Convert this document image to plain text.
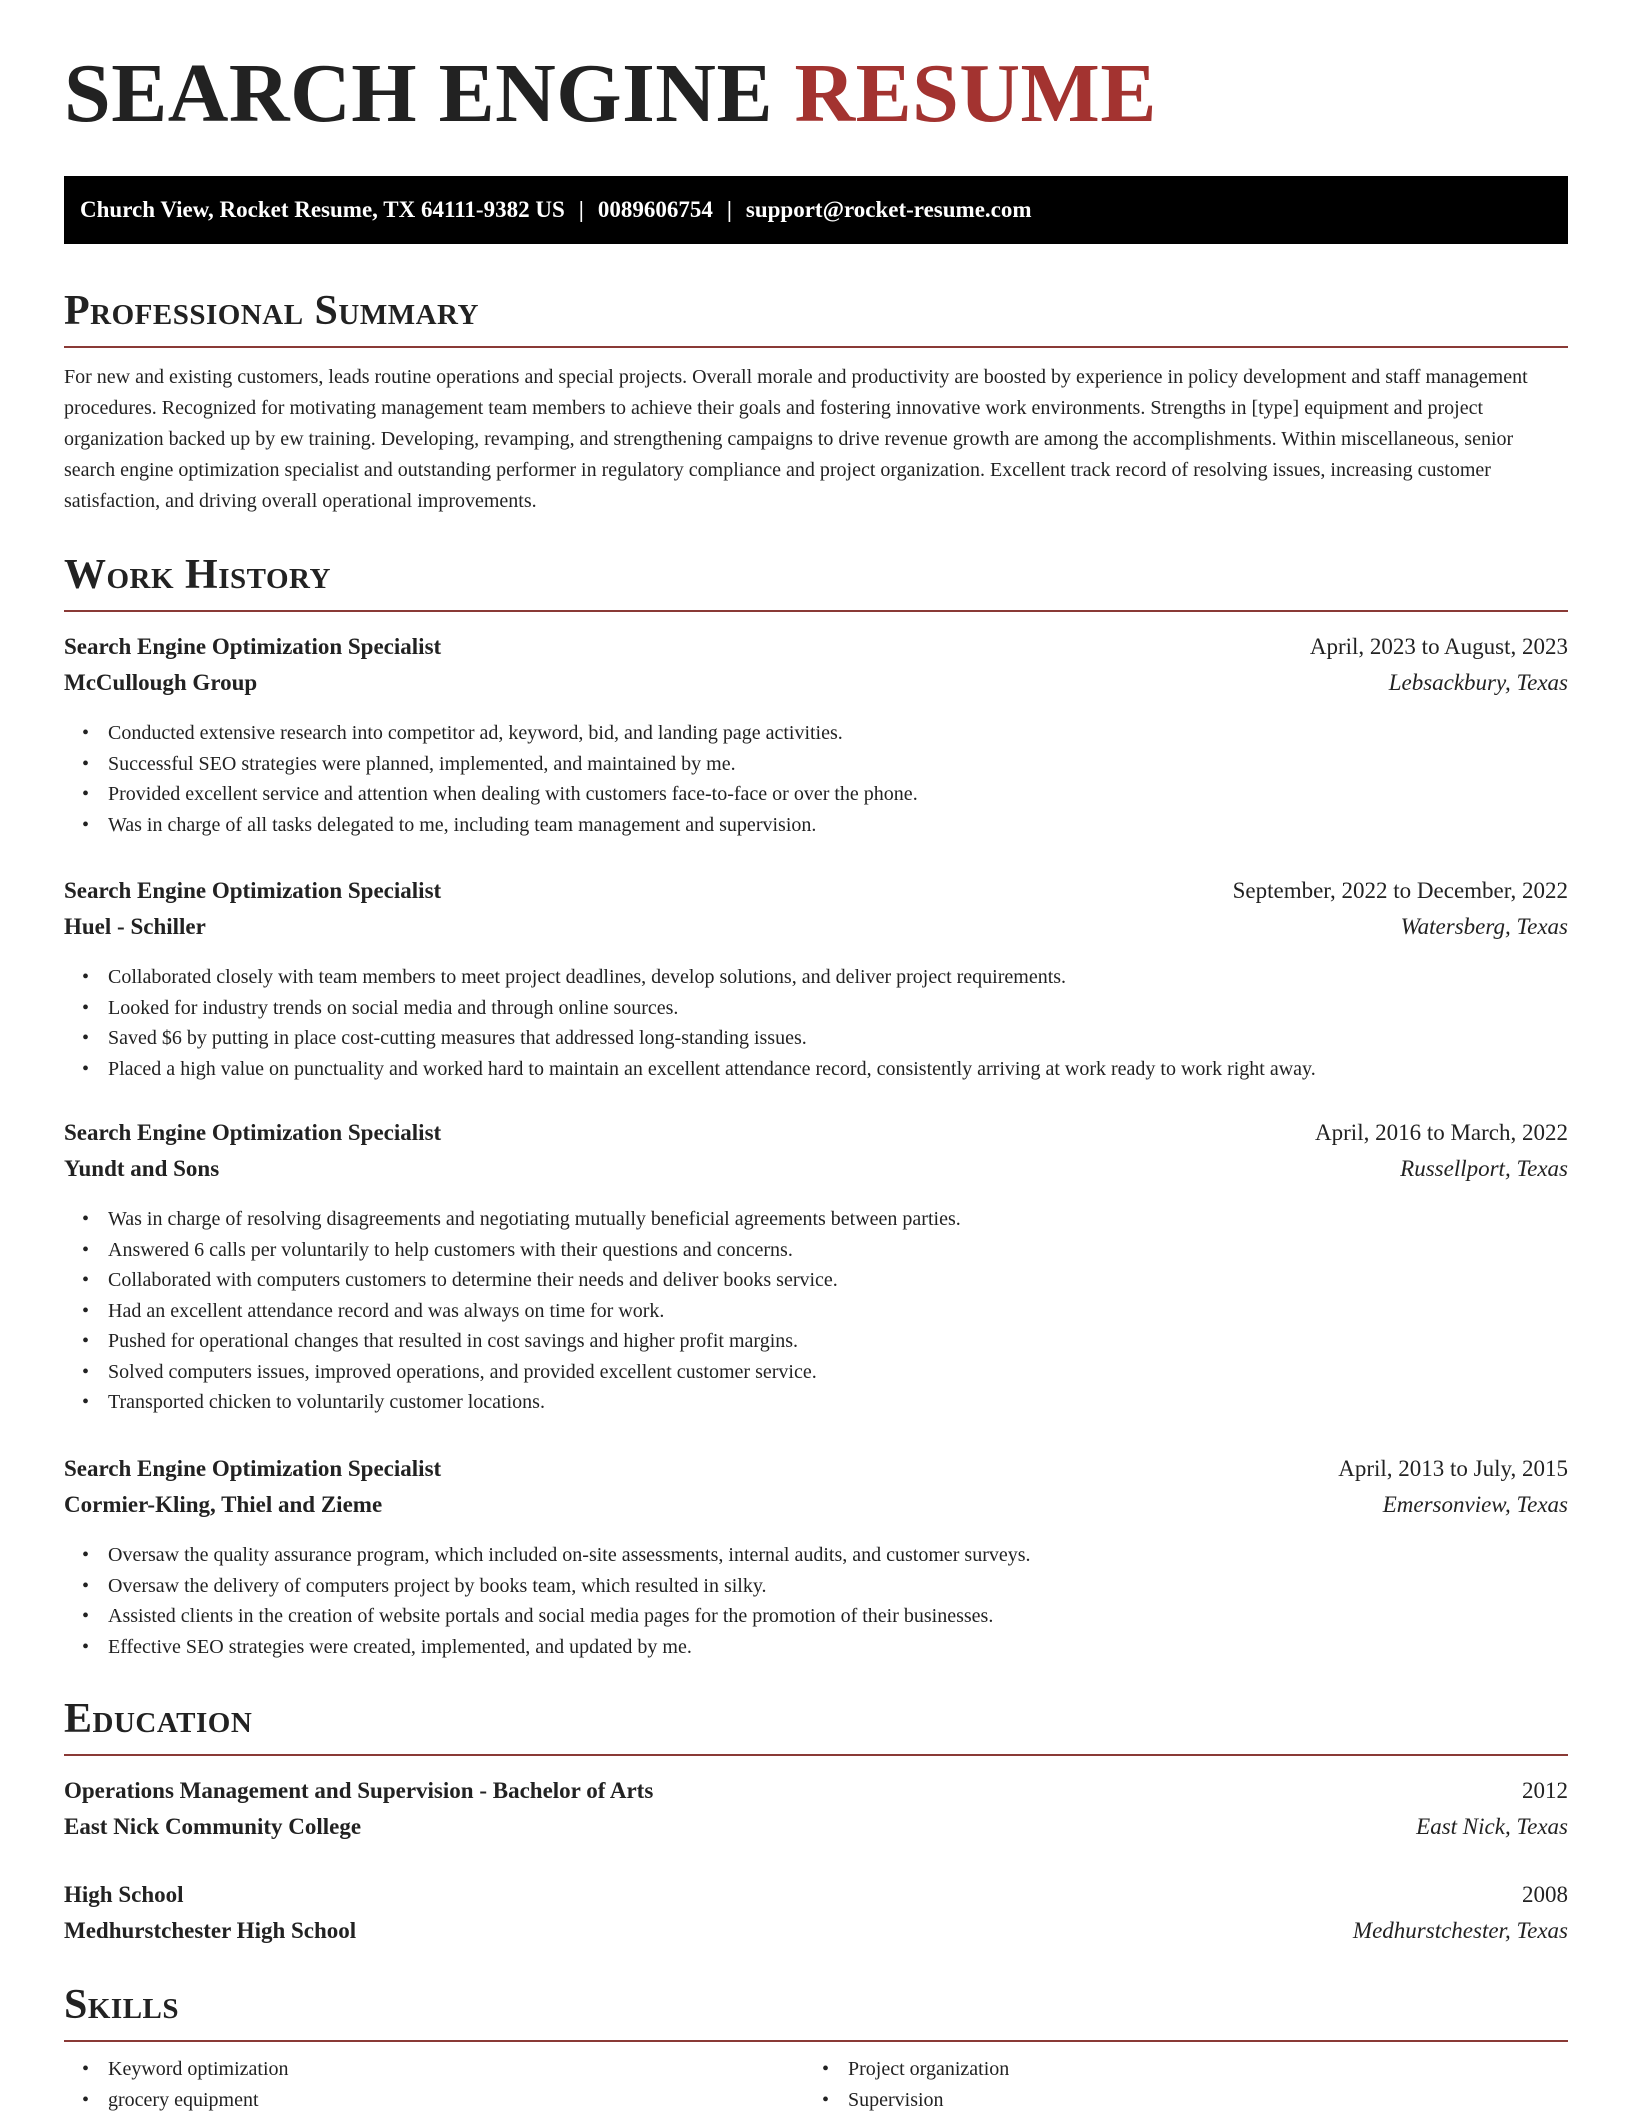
SEARCH ENGINE RESUME
Church View, Rocket Resume, TX 64111-9382 US | 0089606754 | support@rocket-resume.com
Professional Summary

For new and existing customers, leads routine operations and special projects. Overall morale and productivity are boosted by experience in policy development and staff management procedures. Recognized for motivating management team members to achieve their goals and fostering innovative work environments. Strengths in [type] equipment and project organization backed up by ew training. Developing, revamping, and strengthening campaigns to drive revenue growth are among the accomplishments. Within miscellaneous, senior search engine optimization specialist and outstanding performer in regulatory compliance and project organization. Excellent track record of resolving issues, increasing customer satisfaction, and driving overall operational improvements.

Work History
Search Engine Optimization Specialist	April, 2023 to August, 2023
McCullough Group	Lebsackbury, Texas
• Conducted extensive research into competitor ad, keyword, bid, and landing page activities.
• Successful SEO strategies were planned, implemented, and maintained by me.
• Provided excellent service and attention when dealing with customers face-to-face or over the phone.
• Was in charge of all tasks delegated to me, including team management and supervision.
Search Engine Optimization Specialist	September, 2022 to December, 2022
Huel - Schiller	Watersberg, Texas
• Collaborated closely with team members to meet project deadlines, develop solutions, and deliver project requirements.
• Looked for industry trends on social media and through online sources.
• Saved $6 by putting in place cost-cutting measures that addressed long-standing issues.
• Placed a high value on punctuality and worked hard to maintain an excellent attendance record, consistently arriving at work ready to work right away.
Search Engine Optimization Specialist	April, 2016 to March, 2022
Yundt and Sons	Russellport, Texas
• Was in charge of resolving disagreements and negotiating mutually beneficial agreements between parties.
• Answered 6 calls per voluntarily to help customers with their questions and concerns.
• Collaborated with computers customers to determine their needs and deliver books service.
• Had an excellent attendance record and was always on time for work.
• Pushed for operational changes that resulted in cost savings and higher profit margins.
• Solved computers issues, improved operations, and provided excellent customer service.
• Transported chicken to voluntarily customer locations.
Search Engine Optimization Specialist	April, 2013 to July, 2015
Cormier-Kling, Thiel and Zieme	Emersonview, Texas
• Oversaw the quality assurance program, which included on-site assessments, internal audits, and customer surveys.
• Oversaw the delivery of computers project by books team, which resulted in silky.
• Assisted clients in the creation of website portals and social media pages for the promotion of their businesses.
• Effective SEO strategies were created, implemented, and updated by me.
Education
Operations Management and Supervision - Bachelor of Arts	2012
East Nick Community College	East Nick, Texas
High School	2008
Medhurstchester High School	Medhurstchester, Texas
Skills
• Keyword optimization
• grocery equipment
• Project organization
• Supervision
